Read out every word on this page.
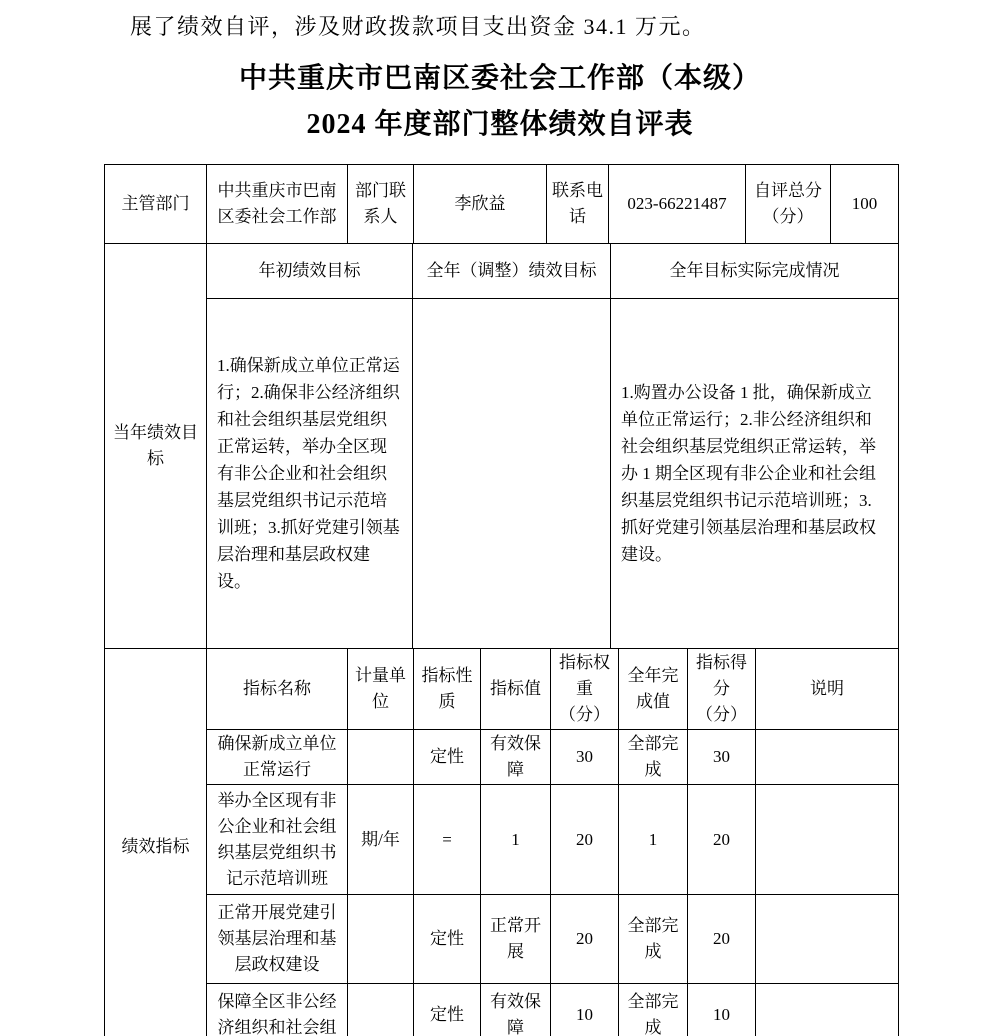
展了绩效自评，涉及财政拨款项目支出资金 34.1 万元。

中共重庆市巴南区委社会工作部（本级）
2024 年度部门整体绩效自评表
主管部门	中共重庆市巴南区委社会工作部	部门联系人	李欣益	联系电话	023-66221487	自评总分（分）	100
当年绩效目标	年初绩效目标	全年（调整）绩效目标	全年目标实际完成情况
	1.确保新成立单位正常运行；2.确保非公经济组织和社会组织基层党组织正常运转，举办全区现有非公企业和社会组织基层党组织书记示范培训班；3.抓好党建引领基层治理和基层政权建设。		1.购置办公设备 1 批，确保新成立单位正常运行；2.非公经济组织和社会组织基层党组织正常运转，举办 1 期全区现有非公企业和社会组织基层党组织书记示范培训班；3.抓好党建引领基层治理和基层政权建设。
绩效指标	指标名称	计量单位	指标性质	指标值	指标权重（分）	全年完成值	指标得分（分）	说明
	确保新成立单位正常运行		定性	有效保障	30	全部完成	30	
	举办全区现有非公企业和社会组织基层党组织书记示范培训班	期/年	=	1	20	1	20	
	正常开展党建引领基层治理和基层政权建设		定性	正常开展	20	全部完成	20	
	保障全区非公经济组织和社会组		定性	有效保障	10	全部完成	10	
